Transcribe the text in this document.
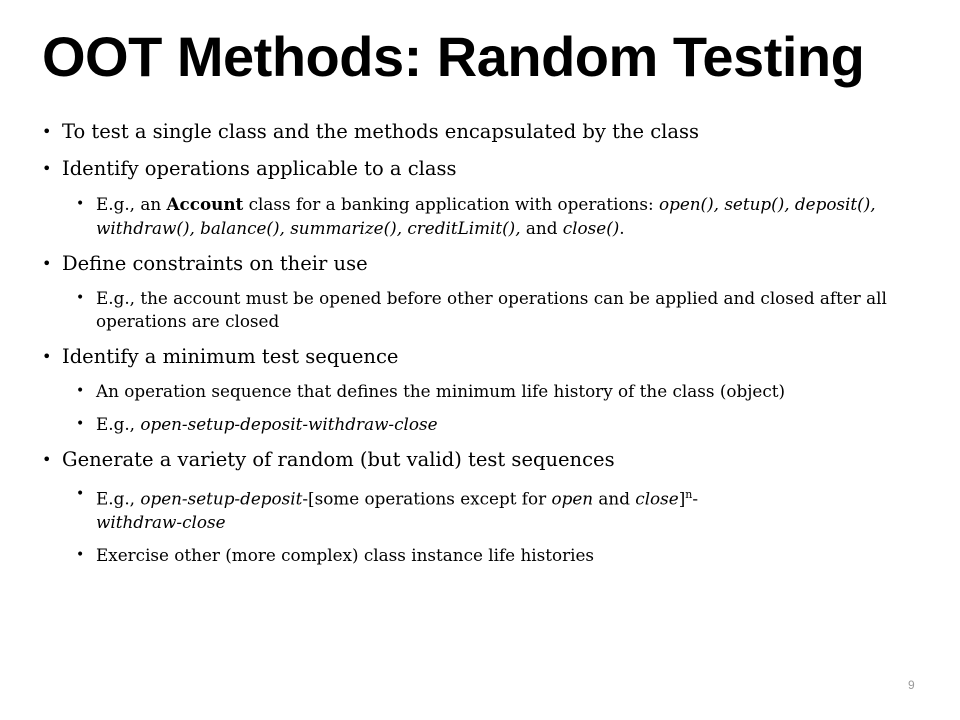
OOT Methods: Random Testing
• To test a single class and the methods encapsulated by the class
• Identify operations applicable to a class
• E.g., an Account class for a banking application with operations: open(), setup(), deposit(), withdraw(), balance(), summarize(), creditLimit(), and close().
• Define constraints on their use
• E.g., the account must be opened before other operations can be applied and closed after all operations are closed
• Identify a minimum test sequence
• An operation sequence that defines the minimum life history of the class (object)
• E.g., open-setup-deposit-withdraw-close
• Generate a variety of random (but valid) test sequences
• E.g., open-setup-deposit-[some operations except for open and close]$^n$-
withdraw-close
• Exercise other (more complex) class instance life histories
9
